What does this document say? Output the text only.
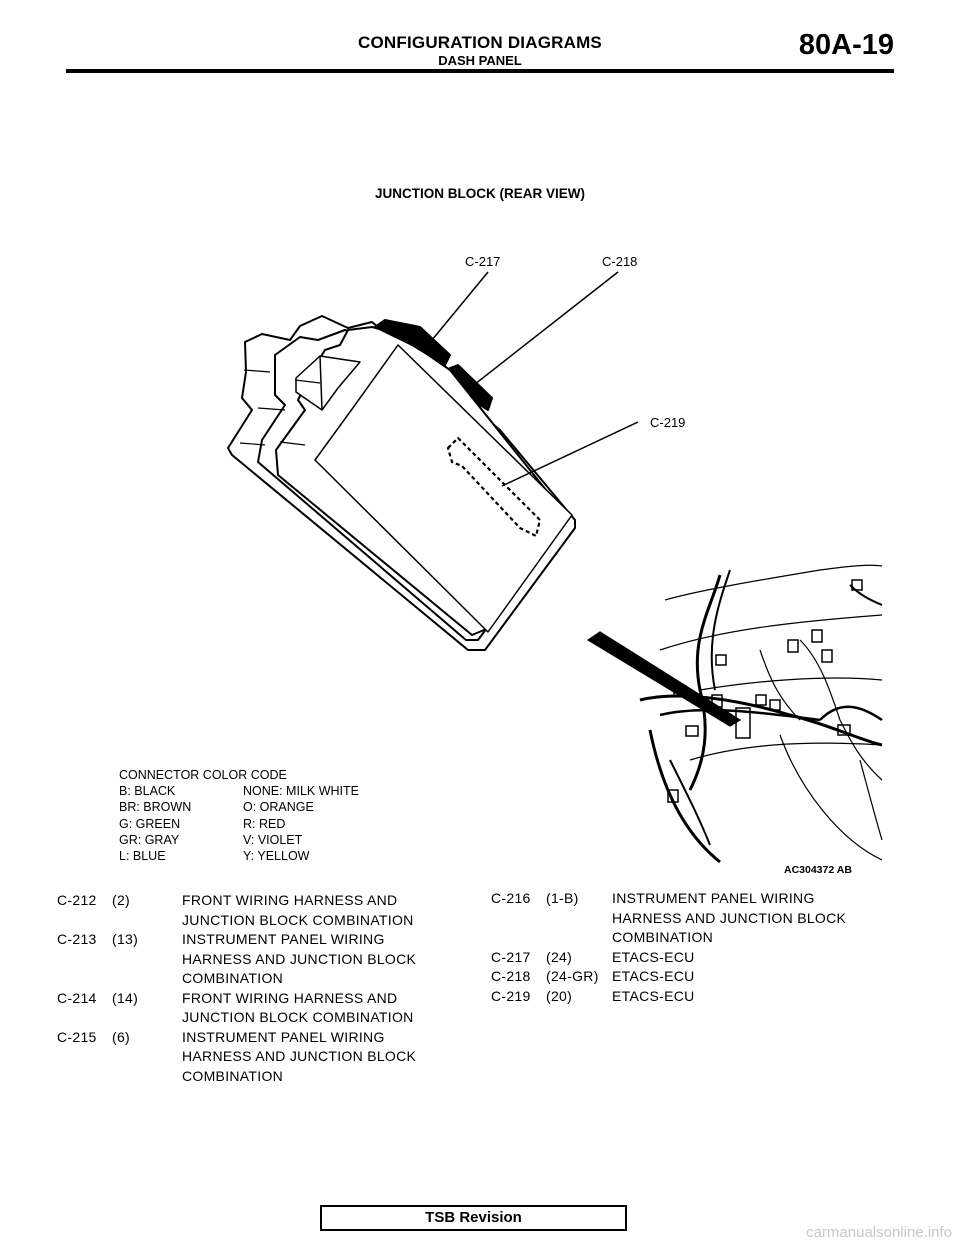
CONFIGURATION DIAGRAMS
DASH PANEL	80A-19
JUNCTION BLOCK (REAR VIEW)
C-217	C-218
C-219
AC304372 AB
CONNECTOR COLOR CODE
B: BLACK	NONE: MILK WHITE
BR: BROWN	O: ORANGE
G: GREEN	R: RED
GR: GRAY	V: VIOLET
L: BLUE	Y: YELLOW
C-212	(2)	FRONT WIRING HARNESS AND JUNCTION BLOCK COMBINATION
C-213	(13)	INSTRUMENT PANEL WIRING HARNESS AND JUNCTION BLOCK COMBINATION
C-214	(14)	FRONT WIRING HARNESS AND JUNCTION BLOCK COMBINATION
C-215	(6)	INSTRUMENT PANEL WIRING HARNESS AND JUNCTION BLOCK COMBINATION
C-216	(1-B)	INSTRUMENT PANEL WIRING HARNESS AND JUNCTION BLOCK COMBINATION
C-217	(24)	ETACS-ECU
C-218	(24-GR) ETACS-ECU
C-219	(20)	ETACS-ECU
TSB Revision
carmanualsonline.info
